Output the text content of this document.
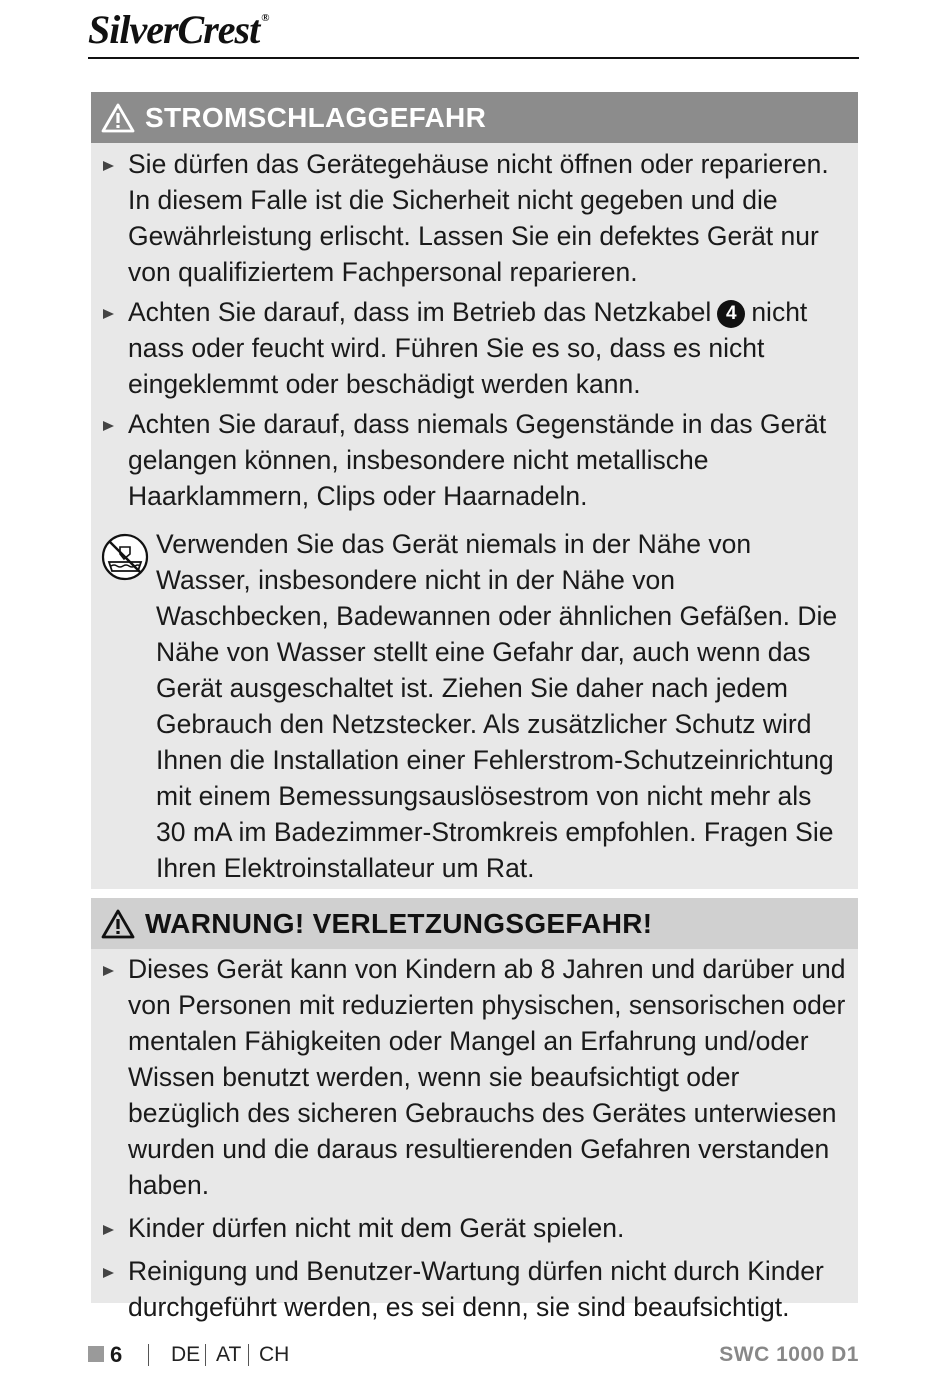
SilverCrest ®
STROMSCHLAGGEFAHR
Sie dürfen das Gerätegehäuse nicht öffnen oder reparieren. In diesem Falle ist die Sicherheit nicht gegeben und die Gewährleistung erlischt. Lassen Sie ein defektes Gerät nur von qualifiziertem Fachpersonal reparieren.
Achten Sie darauf, dass im Betrieb das Netzkabel 4 nicht nass oder feucht wird. Führen Sie es so, dass es nicht eingeklemmt oder beschädigt werden kann.
Achten Sie darauf, dass niemals Gegenstände in das Gerät gelangen können, insbesondere nicht metallische Haarklammern, Clips oder Haarnadeln.
Verwenden Sie das Gerät niemals in der Nähe von Wasser, insbesondere nicht in der Nähe von Waschbecken, Badewannen oder ähnlichen Gefäßen. Die Nähe von Wasser stellt eine Gefahr dar, auch wenn das Gerät ausgeschaltet ist. Ziehen Sie daher nach jedem Gebrauch den Netzstecker. Als zusätzlicher Schutz wird Ihnen die Installation einer Fehlerstrom-Schutzeinrichtung mit einem Bemessungsauslösestrom von nicht mehr als 30 mA im Badezimmer-Stromkreis empfohlen. Fragen Sie Ihren Elektroinstallateur um Rat.
WARNUNG! VERLETZUNGSGEFAHR!
Dieses Gerät kann von Kindern ab 8 Jahren und darüber und von Personen mit reduzierten physischen, sensorischen oder mentalen Fähigkeiten oder Mangel an Erfahrung und/oder Wissen benutzt werden, wenn sie beaufsichtigt oder bezüglich des sicheren Gebrauchs des Gerätes unterwiesen wurden und die daraus resultierenden Gefahren verstanden haben.
Kinder dürfen nicht mit dem Gerät spielen.
Reinigung und Benutzer-Wartung dürfen nicht durch Kinder durchgeführt werden, es sei denn, sie sind beaufsichtigt.
6 DE AT CH	SWC 1000 D1
